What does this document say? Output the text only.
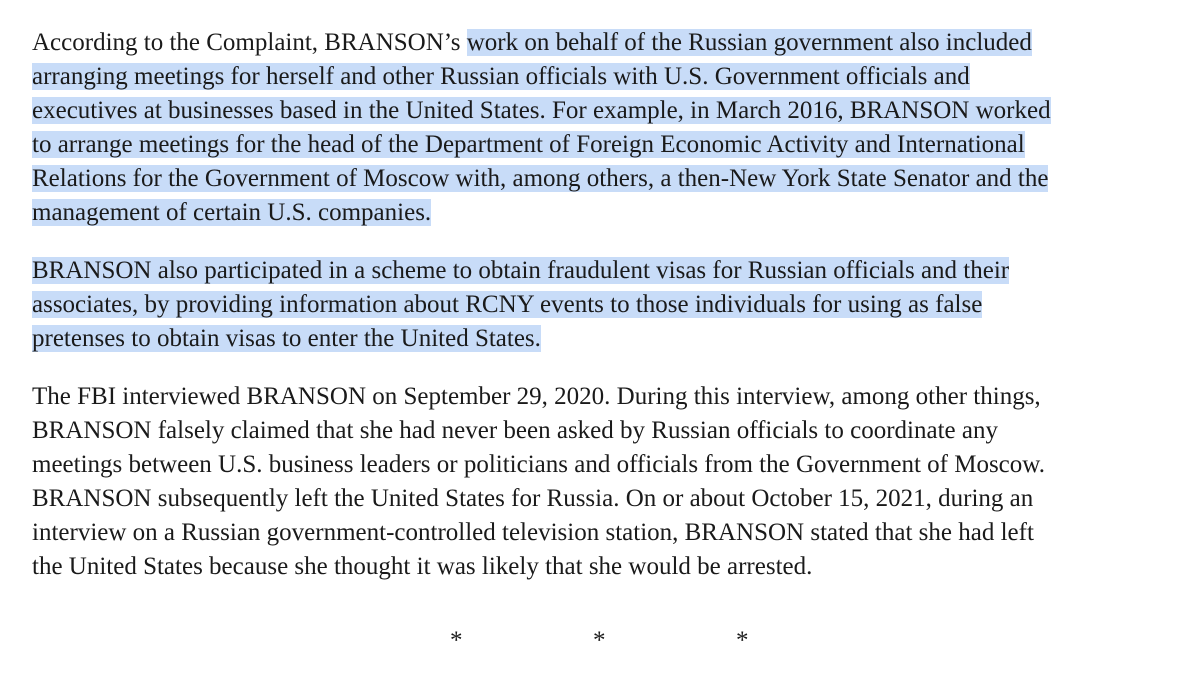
According to the Complaint, BRANSON’s work on behalf of the Russian government also included
arranging meetings for herself and other Russian officials with U.S. Government officials and
executives at businesses based in the United States. For example, in March 2016, BRANSON worked
to arrange meetings for the head of the Department of Foreign Economic Activity and International
Relations for the Government of Moscow with, among others, a then-New York State Senator and the
management of certain U.S. companies.
BRANSON also participated in a scheme to obtain fraudulent visas for Russian officials and their
associates, by providing information about RCNY events to those individuals for using as false
pretenses to obtain visas to enter the United States.
The FBI interviewed BRANSON on September 29, 2020. During this interview, among other things,
BRANSON falsely claimed that she had never been asked by Russian officials to coordinate any
meetings between U.S. business leaders or politicians and officials from the Government of Moscow.
BRANSON subsequently left the United States for Russia. On or about October 15, 2021, during an
interview on a Russian government-controlled television station, BRANSON stated that she had left
the United States because she thought it was likely that she would be arrested.
*	*	*
